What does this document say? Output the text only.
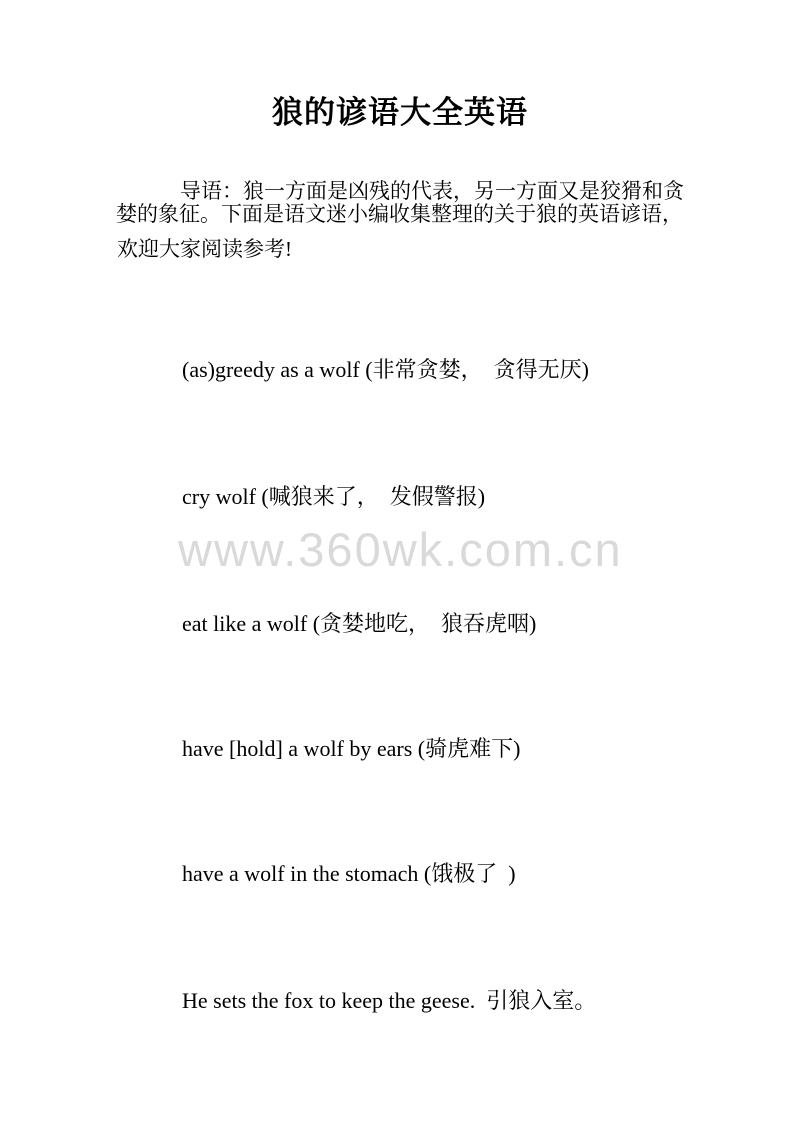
狼的谚语大全英语
导语：狼一方面是凶残的代表，另一方面又是狡猾和贪
婪的象征。下面是语文迷小编收集整理的关于狼的英语谚语，
欢迎大家阅读参考!
(as)greedy as a wolf (非常贪婪，　贪得无厌)
cry wolf (喊狼来了，　发假警报)
www.360wk.com.cn
eat like a wolf (贪婪地吃，　狼吞虎咽)
have [hold] a wolf by ears (骑虎难下)
have a wolf in the stomach (饿极了  )
He sets the fox to keep the geese.  引狼入室。
